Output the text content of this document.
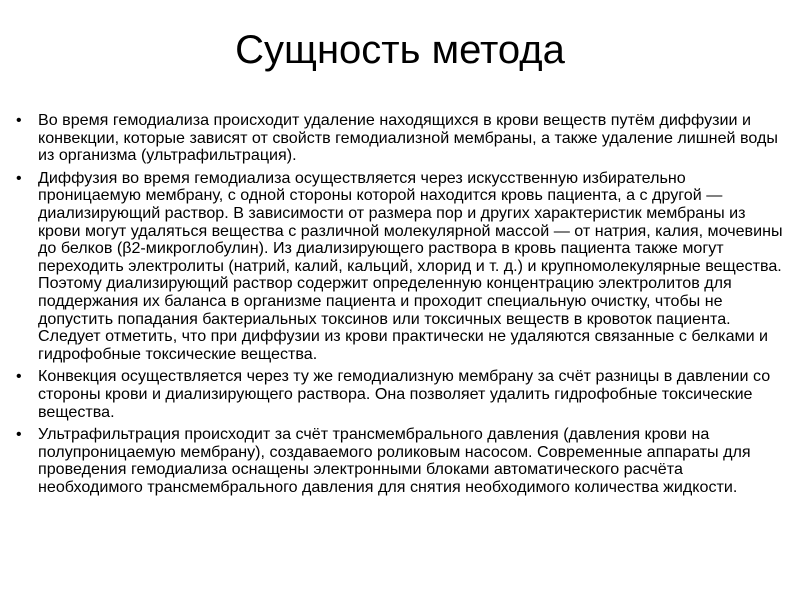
Сущность метода
• Во время гемодиализа происходит удаление находящихся в крови веществ путём диффузии и конвекции, которые зависят от свойств гемодиализной мембраны, а также удаление лишней воды из организма (ультрафильтрация).
• Диффузия во время гемодиализа осуществляется через искусственную избирательно проницаемую мембрану, с одной стороны которой находится кровь пациента, а с другой — диализирующий раствор. В зависимости от размера пор и других характеристик мембраны из крови могут удаляться вещества с различной молекулярной массой — от натрия, калия, мочевины до белков (β2-микроглобулин). Из диализирующего раствора в кровь пациента также могут переходить электролиты (натрий, калий, кальций, хлорид и т. д.) и крупномолекулярные вещества. Поэтому диализирующий раствор содержит определенную концентрацию электролитов для поддержания их баланса в организме пациента и проходит специальную очистку, чтобы не допустить попадания бактериальных токсинов или токсичных веществ в кровоток пациента. Следует отметить, что при диффузии из крови практически не удаляются связанные с белками и гидрофобные токсические вещества.
• Конвекция осуществляется через ту же гемодиализную мембрану за счёт разницы в давлении со стороны крови и диализирующего раствора. Она позволяет удалить гидрофобные токсические вещества.
• Ультрафильтрация происходит за счёт трансмембрального давления (давления крови на полупроницаемую мембрану), создаваемого роликовым насосом. Современные аппараты для проведения гемодиализа оснащены электронными блоками автоматического расчёта необходимого трансмембрального давления для снятия необходимого количества жидкости.
